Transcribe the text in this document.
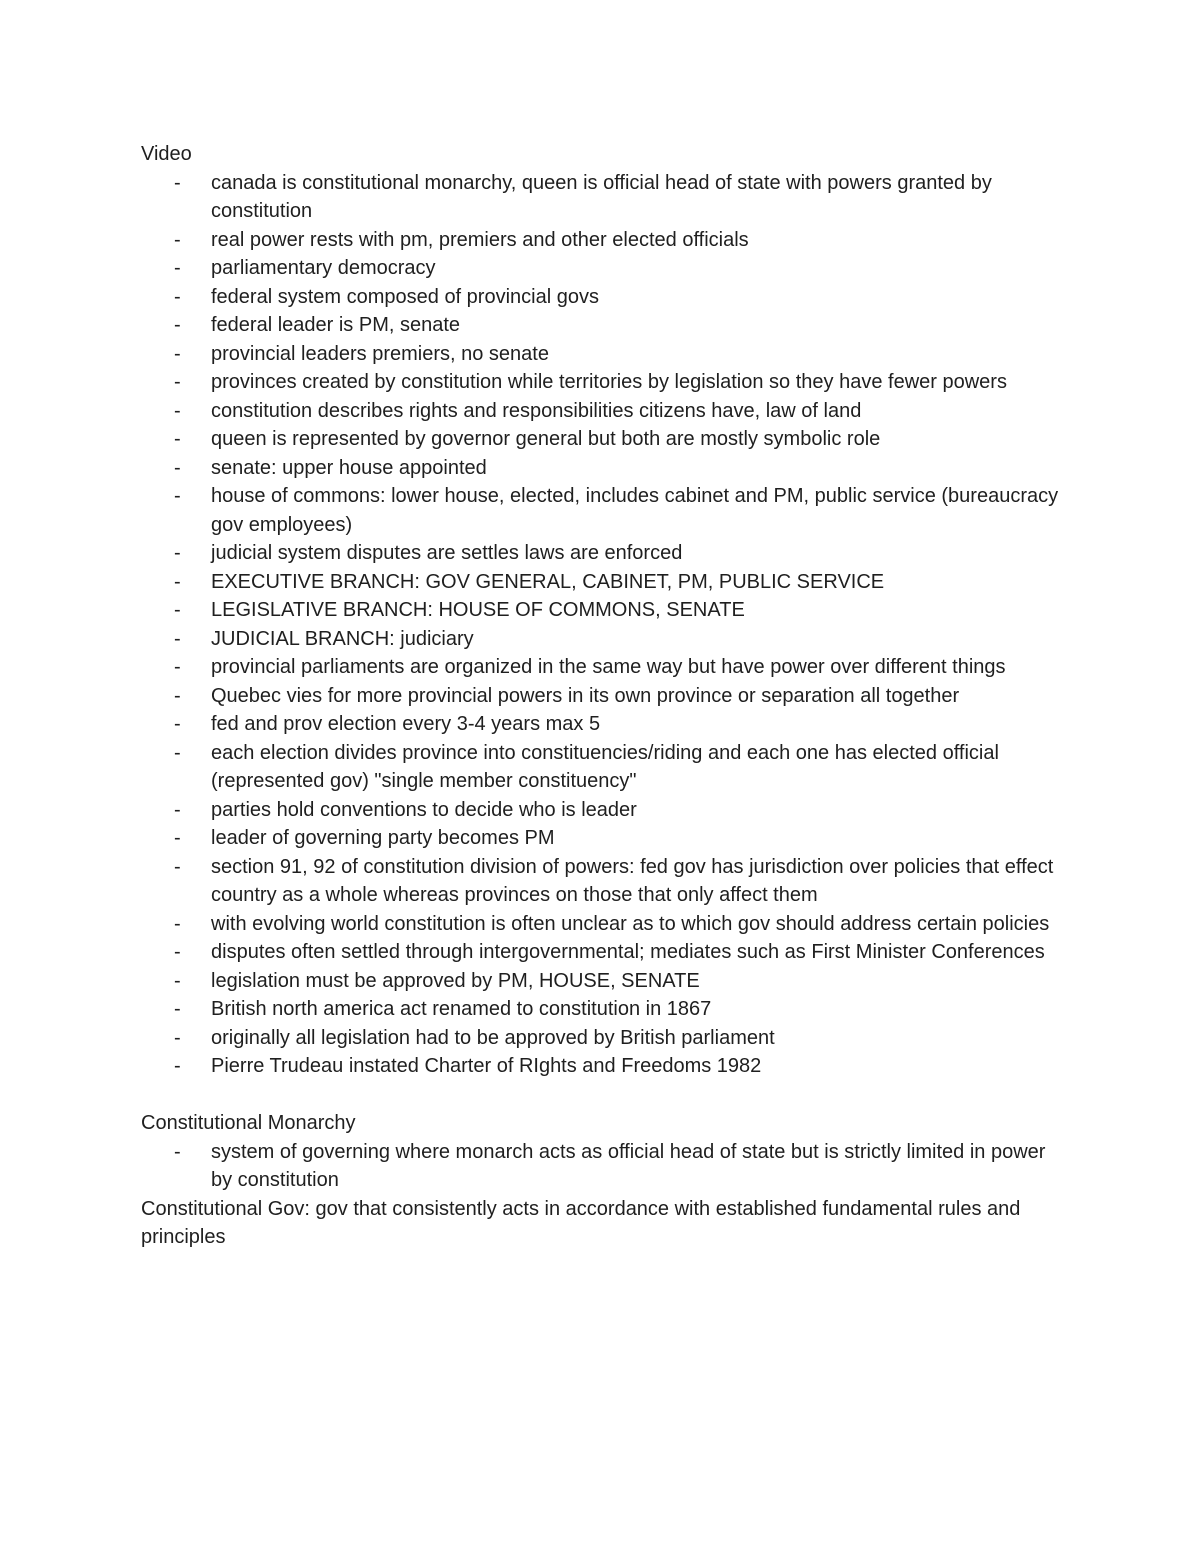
Video

- canada is constitutional monarchy, queen is official head of state with powers granted by constitution
- real power rests with pm, premiers and other elected officials
- parliamentary democracy
- federal system composed of provincial govs
- federal leader is PM, senate
- provincial leaders premiers, no senate
- provinces created by constitution while territories by legislation so they have fewer powers
- constitution describes rights and responsibilities citizens have, law of land
- queen is represented by governor general but both are mostly symbolic role
- senate: upper house appointed
- house of commons: lower house, elected, includes cabinet and PM, public service (bureaucracy gov employees)
- judicial system disputes are settles laws are enforced
- EXECUTIVE BRANCH: GOV GENERAL, CABINET, PM, PUBLIC SERVICE
- LEGISLATIVE BRANCH: HOUSE OF COMMONS, SENATE
- JUDICIAL BRANCH: judiciary
- provincial parliaments are organized in the same way but have power over different things
- Quebec vies for more provincial powers in its own province or separation all together
- fed and prov election every 3-4 years max 5
- each election divides province into constituencies/riding and each one has elected official (represented gov) "single member constituency"
- parties hold conventions to decide who is leader
- leader of governing party becomes PM
- section 91, 92 of constitution division of powers: fed gov has jurisdiction over policies that effect country as a whole whereas provinces on those that only affect them
- with evolving world constitution is often unclear as to which gov should address certain policies
- disputes often settled through intergovernmental; mediates such as First Minister Conferences
- legislation must be approved by PM, HOUSE, SENATE
- British north america act renamed to constitution in 1867
- originally all legislation had to be approved by British parliament
- Pierre Trudeau instated Charter of RIghts and Freedoms 1982

Constitutional Monarchy

- system of governing where monarch acts as official head of state but is strictly limited in power by constitution

Constitutional Gov: gov that consistently acts in accordance with established fundamental rules and principles
